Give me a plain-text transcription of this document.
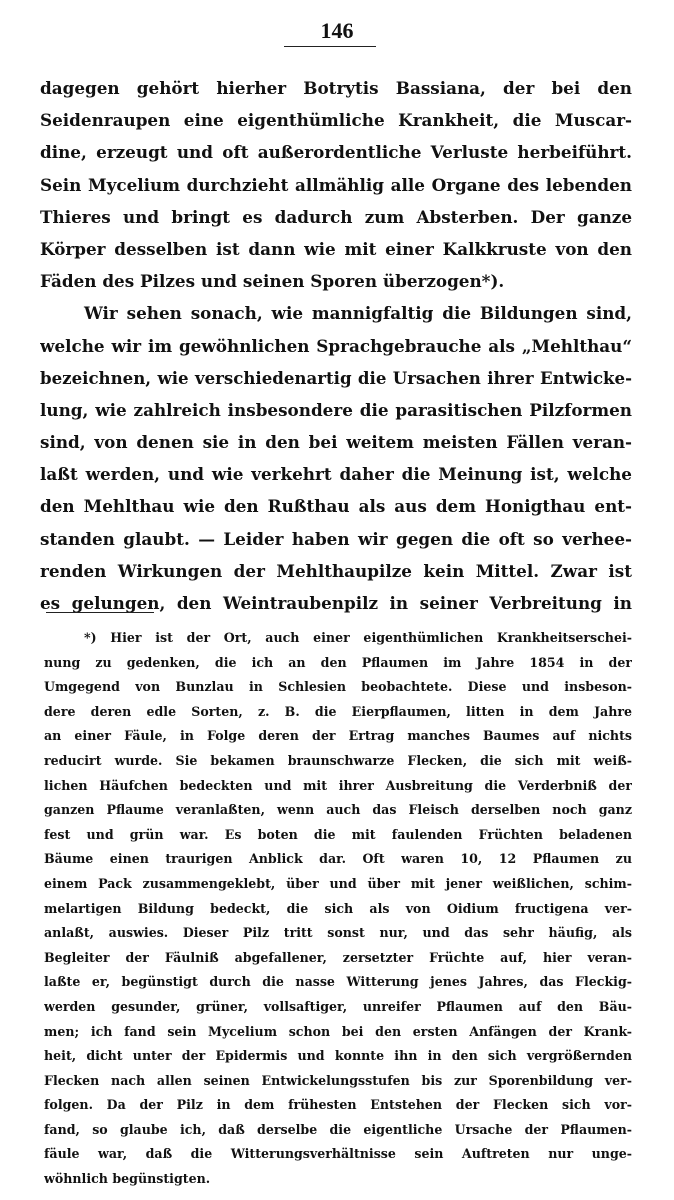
146
dagegen gehört hierher Botrytis Bassiana, der bei den
Seidenraupen eine eigenthümliche Krankheit, die Muscar-
dine, erzeugt und oft außerordentliche Verluste herbeiführt.
Sein Mycelium durchzieht allmählig alle Organe des lebenden
Thieres und bringt es dadurch zum Absterben. Der ganze
Körper desselben ist dann wie mit einer Kalkkruste von den
Fäden des Pilzes und seinen Sporen überzogen*).
Wir sehen sonach, wie mannigfaltig die Bildungen sind,
welche wir im gewöhnlichen Sprachgebrauche als „Mehlthau“
bezeichnen, wie verschiedenartig die Ursachen ihrer Entwicke-
lung, wie zahlreich insbesondere die parasitischen Pilzformen
sind, von denen sie in den bei weitem meisten Fällen veran-
laßt werden, und wie verkehrt daher die Meinung ist, welche
den Mehlthau wie den Rußthau als aus dem Honigthau ent-
standen glaubt. — Leider haben wir gegen die oft so verhee-
renden Wirkungen der Mehlthaupilze kein Mittel. Zwar ist
es gelungen, den Weintraubenpilz in seiner Verbreitung in
*) Hier ist der Ort, auch einer eigenthümlichen Krankheitserschei-
nung zu gedenken, die ich an den Pflaumen im Jahre 1854 in der
Umgegend von Bunzlau in Schlesien beobachtete. Diese und insbeson-
dere deren edle Sorten, z. B. die Eierpflaumen, litten in dem Jahre
an einer Fäule, in Folge deren der Ertrag manches Baumes auf nichts
reducirt wurde. Sie bekamen braunschwarze Flecken, die sich mit weiß-
lichen Häufchen bedeckten und mit ihrer Ausbreitung die Verderbniß der
ganzen Pflaume veranlaßten, wenn auch das Fleisch derselben noch ganz
fest und grün war. Es boten die mit faulenden Früchten beladenen
Bäume einen traurigen Anblick dar. Oft waren 10, 12 Pflaumen zu
einem Pack zusammengeklebt, über und über mit jener weißlichen, schim-
melartigen Bildung bedeckt, die sich als von Oidium fructigena ver-
anlaßt, auswies. Dieser Pilz tritt sonst nur, und das sehr häufig, als
Begleiter der Fäulniß abgefallener, zersetzter Früchte auf, hier veran-
laßte er, begünstigt durch die nasse Witterung jenes Jahres, das Fleckig-
werden gesunder, grüner, vollsaftiger, unreifer Pflaumen auf den Bäu-
men; ich fand sein Mycelium schon bei den ersten Anfängen der Krank-
heit, dicht unter der Epidermis und konnte ihn in den sich vergrößernden
Flecken nach allen seinen Entwickelungsstufen bis zur Sporenbildung ver-
folgen. Da der Pilz in dem frühesten Entstehen der Flecken sich vor-
fand, so glaube ich, daß derselbe die eigentliche Ursache der Pflaumen-
fäule war, daß die Witterungsverhältnisse sein Auftreten nur unge-
wöhnlich begünstigten.
